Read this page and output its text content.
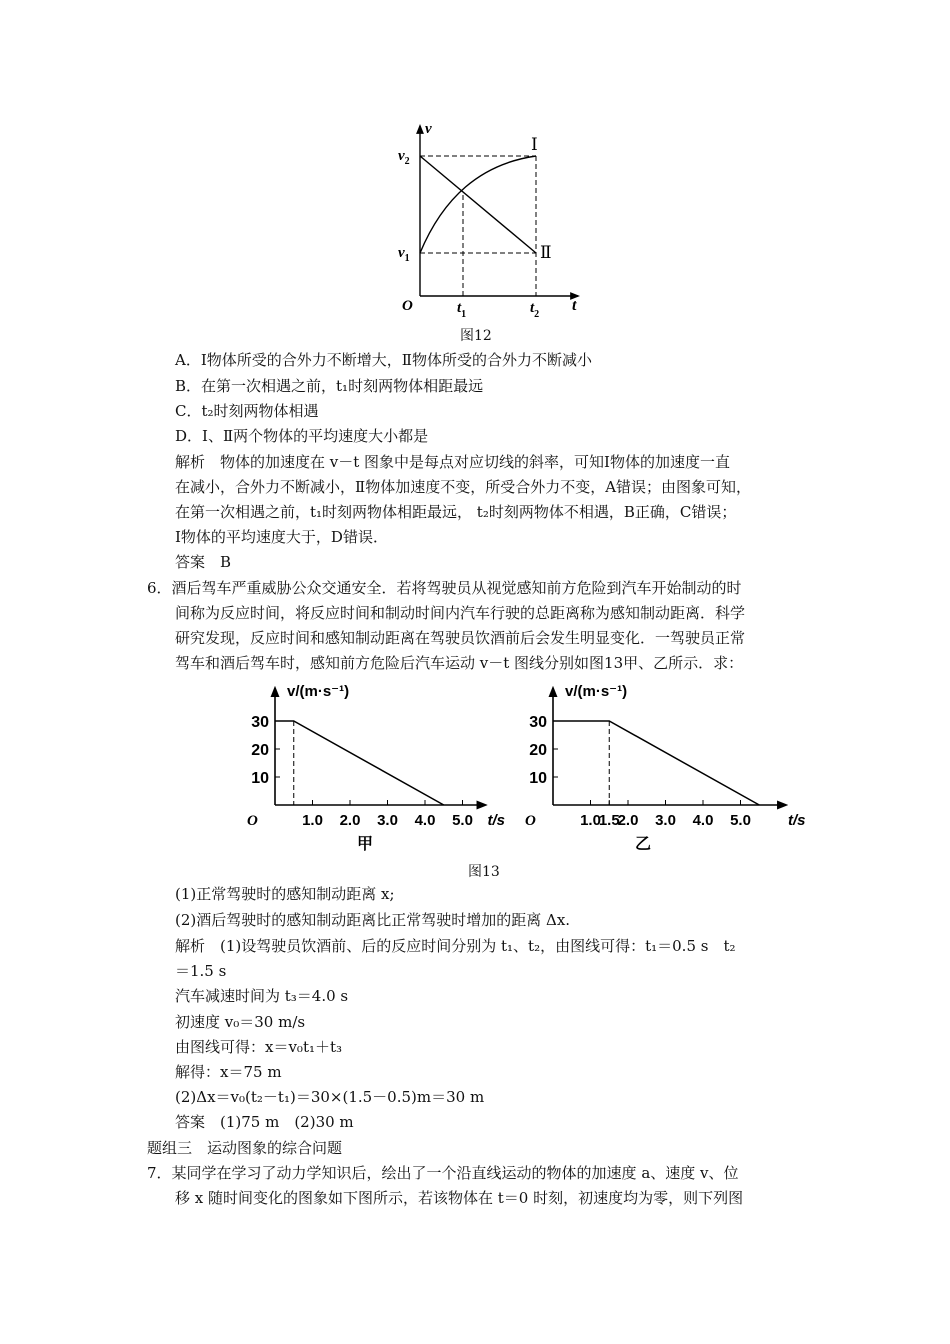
v
$v_2$
$v_1$
O	$t_1$	$t_2$
t
Ⅰ
Ⅱ
图12
A．Ⅰ物体所受的合外力不断增大，Ⅱ物体所受的合外力不断减小
B．在第一次相遇之前，t₁时刻两物体相距最远
C．t₂时刻两物体相遇
D．Ⅰ、Ⅱ两个物体的平均速度大小都是
解析　物体的加速度在 v－t 图象中是每点对应切线的斜率，可知Ⅰ物体的加速度一直
在减小，合外力不断减小，Ⅱ物体加速度不变，所受合外力不变，A错误；由图象可知，
在第一次相遇之前，t₁时刻两物体相距最远， t₂时刻两物体不相遇，B正确，C错误；
Ⅰ物体的平均速度大于，D错误．
答案　B
6．酒后驾车严重威胁公众交通安全．若将驾驶员从视觉感知前方危险到汽车开始制动的时
间称为反应时间，将反应时间和制动时间内汽车行驶的总距离称为感知制动距离．科学
研究发现，反应时间和感知制动距离在驾驶员饮酒前后会发生明显变化．一驾驶员正常
驾车和酒后驾车时，感知前方危险后汽车运动 v－t 图线分别如图13甲、乙所示．求：
10
20
30
1.0 2.0 3.0 4.0 5.0
O
v/(m·s⁻¹)
t/s
甲
10
20
30
1.0
1.5
2.0 3.0 4.0 5.0
O
v/(m·s⁻¹)
t/s
乙
图13
(1)正常驾驶时的感知制动距离 x;
(2)酒后驾驶时的感知制动距离比正常驾驶时增加的距离 Δx.
解析　(1)设驾驶员饮酒前、后的反应时间分别为 t₁、t₂，由图线可得：t₁＝0.5 s　t₂
＝1.5 s
汽车减速时间为 t₃＝4.0 s
初速度 v₀＝30 m/s
由图线可得：x＝v₀t₁＋t₃
解得：x＝75 m
(2)Δx＝v₀(t₂－t₁)＝30×(1.5－0.5)m＝30 m
答案　(1)75 m　(2)30 m
题组三　运动图象的综合问题
7．某同学在学习了动力学知识后，绘出了一个沿直线运动的物体的加速度 a、速度 v、位
移 x 随时间变化的图象如下图所示，若该物体在 t＝0 时刻，初速度均为零，则下列图
